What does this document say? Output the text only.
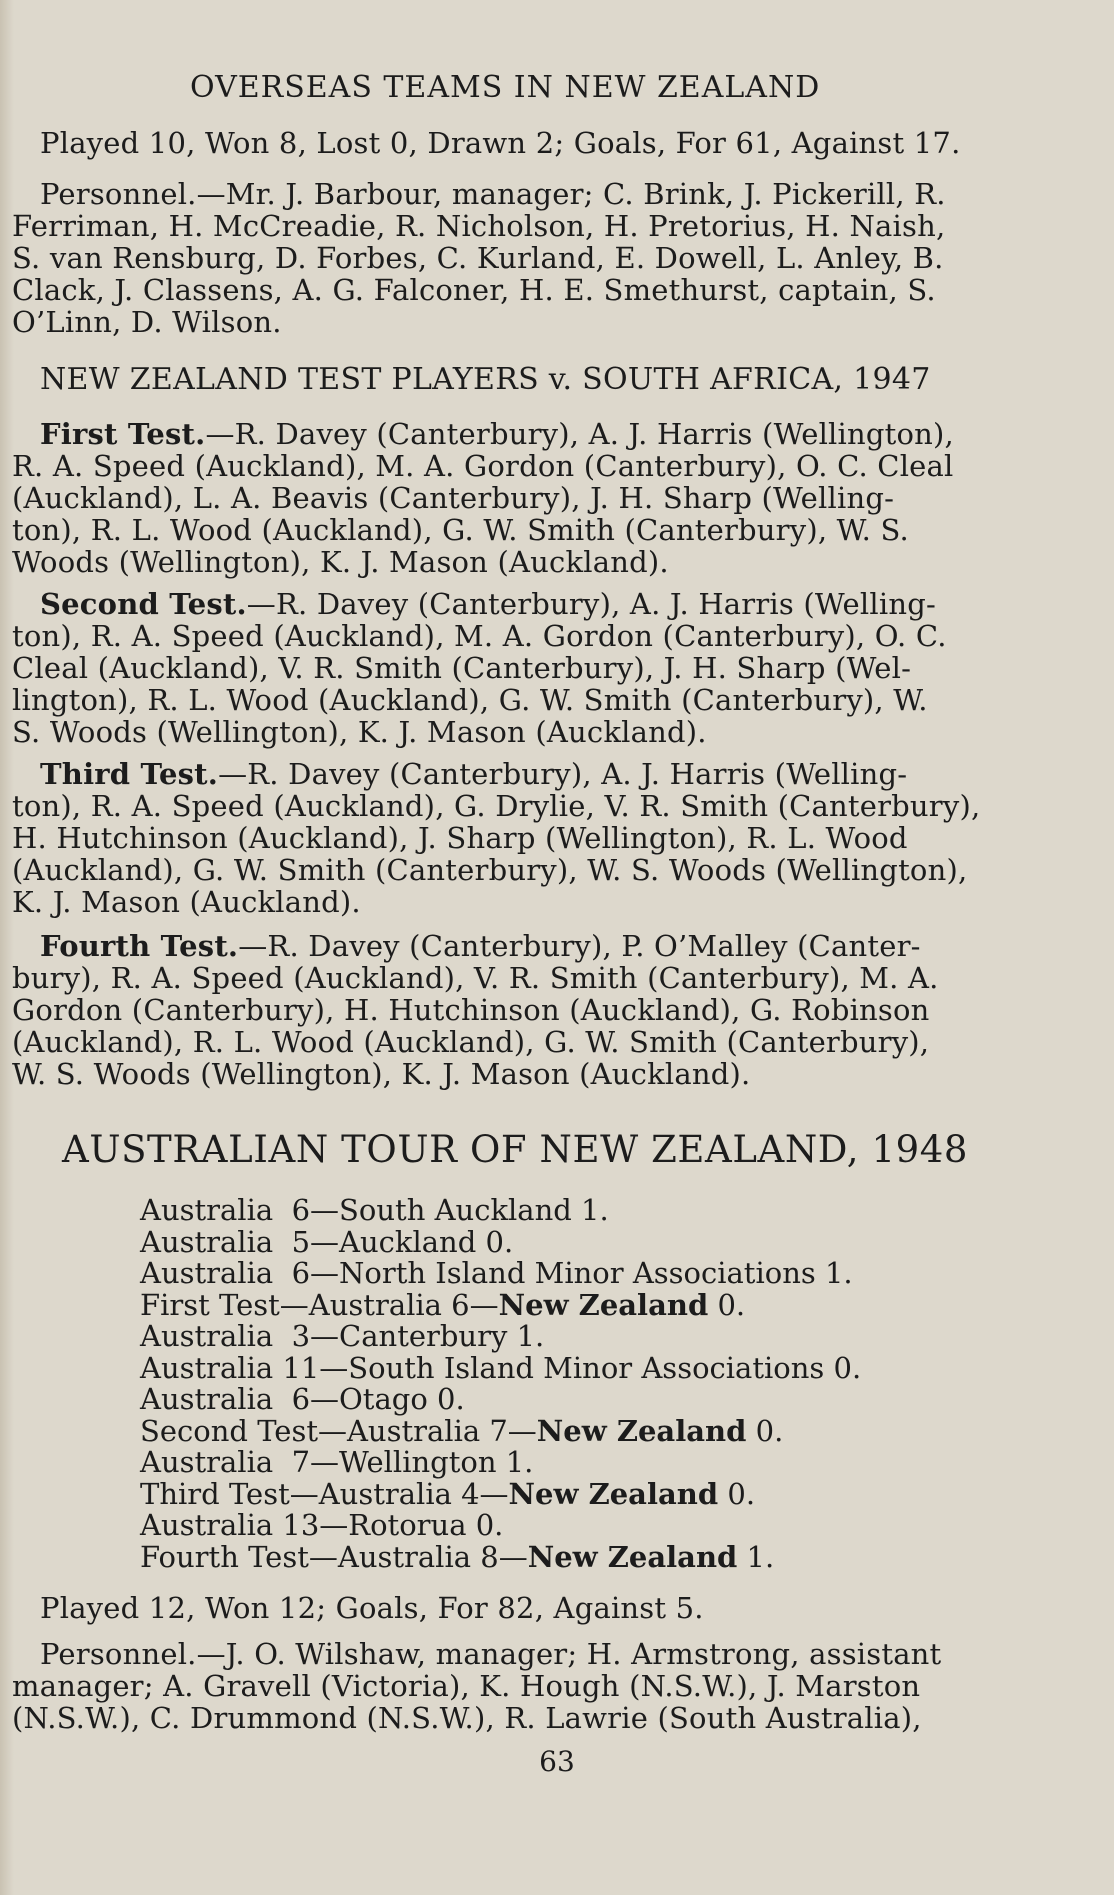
OVERSEAS TEAMS IN NEW ZEALAND
Played 10, Won 8, Lost 0, Drawn 2; Goals, For 61, Against 17.
Personnel.—Mr. J. Barbour, manager; C. Brink, J. Pickerill, R.
Ferriman, H. McCreadie, R. Nicholson, H. Pretorius, H. Naish,
S. van Rensburg, D. Forbes, C. Kurland, E. Dowell, L. Anley, B.
Clack, J. Classens, A. G. Falconer, H. E. Smethurst, captain, S.
O’Linn, D. Wilson.
NEW ZEALAND TEST PLAYERS v. SOUTH AFRICA, 1947
First Test.—R. Davey (Canterbury), A. J. Harris (Wellington),
R. A. Speed (Auckland), M. A. Gordon (Canterbury), O. C. Cleal
(Auckland), L. A. Beavis (Canterbury), J. H. Sharp (Welling-
ton), R. L. Wood (Auckland), G. W. Smith (Canterbury), W. S.
Woods (Wellington), K. J. Mason (Auckland).
Second Test.—R. Davey (Canterbury), A. J. Harris (Welling-
ton), R. A. Speed (Auckland), M. A. Gordon (Canterbury), O. C.
Cleal (Auckland), V. R. Smith (Canterbury), J. H. Sharp (Wel-
lington), R. L. Wood (Auckland), G. W. Smith (Canterbury), W.
S. Woods (Wellington), K. J. Mason (Auckland).
Third Test.—R. Davey (Canterbury), A. J. Harris (Welling-
ton), R. A. Speed (Auckland), G. Drylie, V. R. Smith (Canterbury),
H. Hutchinson (Auckland), J. Sharp (Wellington), R. L. Wood
(Auckland), G. W. Smith (Canterbury), W. S. Woods (Wellington),
K. J. Mason (Auckland).
Fourth Test.—R. Davey (Canterbury), P. O’Malley (Canter-
bury), R. A. Speed (Auckland), V. R. Smith (Canterbury), M. A.
Gordon (Canterbury), H. Hutchinson (Auckland), G. Robinson
(Auckland), R. L. Wood (Auckland), G. W. Smith (Canterbury),
W. S. Woods (Wellington), K. J. Mason (Auckland).
AUSTRALIAN TOUR OF NEW ZEALAND, 1948
Australia  6—South Auckland 1.
Australia  5—Auckland 0.
Australia  6—North Island Minor Associations 1.
First Test—Australia 6—New Zealand 0.
Australia  3—Canterbury 1.
Australia 11—South Island Minor Associations 0.
Australia  6—Otago 0.
Second Test—Australia 7—New Zealand 0.
Australia  7—Wellington 1.
Third Test—Australia 4—New Zealand 0.
Australia 13—Rotorua 0.
Fourth Test—Australia 8—New Zealand 1.
Played 12, Won 12; Goals, For 82, Against 5.
Personnel.—J. O. Wilshaw, manager; H. Armstrong, assistant
manager; A. Gravell (Victoria), K. Hough (N.S.W.), J. Marston
(N.S.W.), C. Drummond (N.S.W.), R. Lawrie (South Australia),
63
